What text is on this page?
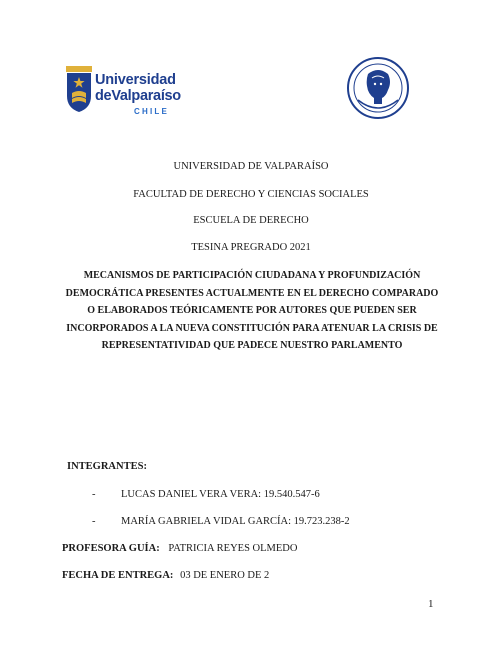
Universidad
deValparaíso
CHILE
UNIVERSIDAD DE VALPARAÍSO
FACULTAD DE DERECHO Y CIENCIAS SOCIALES
ESCUELA DE DERECHO
TESINA PREGRADO 2021
MECANISMOS DE PARTICIPACIÓN CIUDADANA Y PROFUNDIZACIÓN DEMOCRÁTICA PRESENTES ACTUALMENTE EN EL DERECHO COMPARADO O ELABORADOS TEÓRICAMENTE POR AUTORES QUE PUEDEN SER INCORPORADOS A LA NUEVA CONSTITUCIÓN PARA ATENUAR LA CRISIS DE REPRESENTATIVIDAD QUE PADECE NUESTRO PARLAMENTO
INTEGRANTES:
- LUCAS DANIEL VERA VERA: 19.540.547-6
- MARÍA GABRIELA VIDAL GARCÍA: 19.723.238-2
PROFESORA GUÍA: PATRICIA REYES OLMEDO
FECHA DE ENTREGA: 03 DE ENERO DE 2
1
